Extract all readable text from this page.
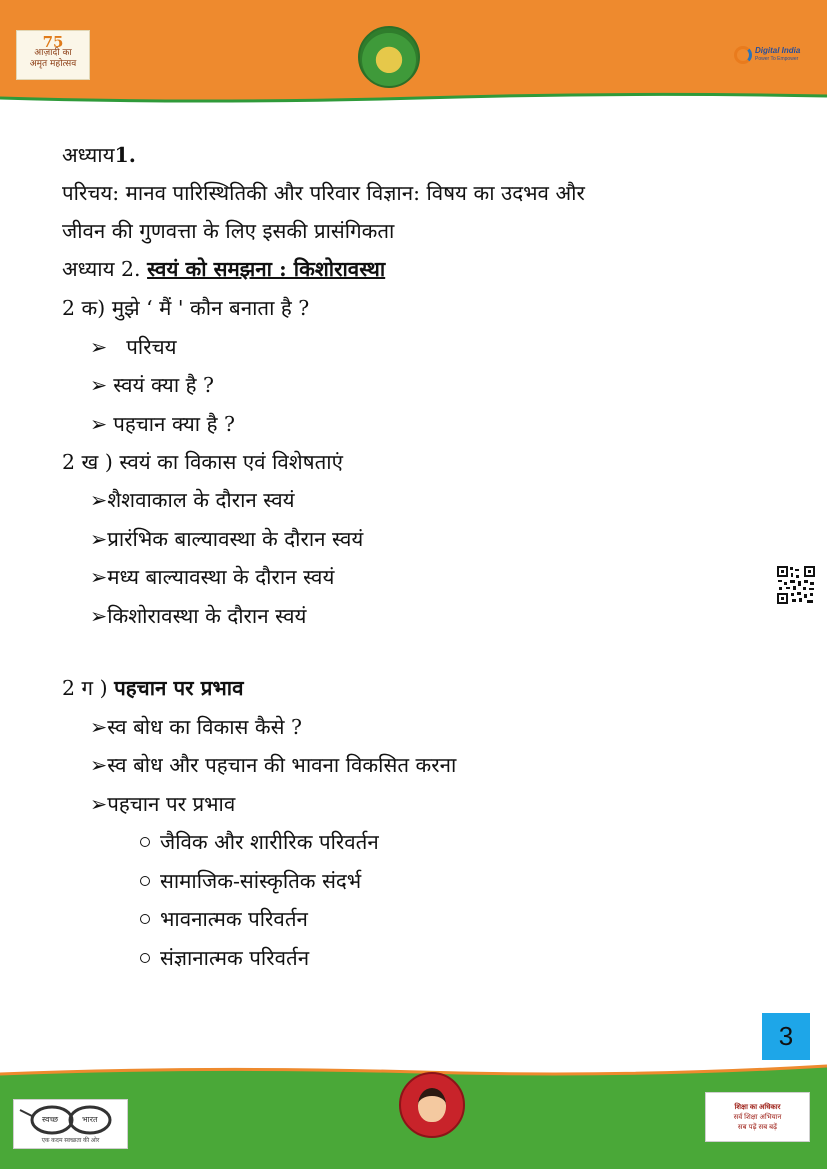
75
आज़ादी का
अमृत महोत्सव
Digital India
Power To Empower
अध्याय1.
परिचय: मानव पारिस्थितिकी और परिवार विज्ञान: विषय का उदभव और
जीवन की गुणवत्ता के लिए इसकी प्रासंगिकता
अध्याय 2. स्वयं को समझना : किशोरावस्था
2 क) मुझे ‘ मैं ' कौन बनाता है ?
➢ परिचय
➢ स्वयं क्या है ?
➢ पहचान क्या है ?
2 ख ) स्वयं का विकास एवं विशेषताएं
➢शैशवाकाल के दौरान स्वयं
➢प्रारंभिक बाल्यावस्था के दौरान स्वयं
➢मध्य बाल्यावस्था के दौरान स्वयं
➢किशोरावस्था के दौरान स्वयं
2 ग ) पहचान पर प्रभाव
➢स्व बोध का विकास कैसे ?
➢स्व बोध और पहचान की भावना विकसित करना
➢पहचान पर प्रभाव
जैविक और शारीरिक परिवर्तन
सामाजिक-सांस्कृतिक संदर्भ
भावनात्मक परिवर्तन
संज्ञानात्मक परिवर्तन
3
स्वच्छ	भारत
एक कदम स्वच्छता की ओर
शिक्षा का अधिकार
सर्व शिक्षा अभियान
सब पढ़ें सब बढ़ें
